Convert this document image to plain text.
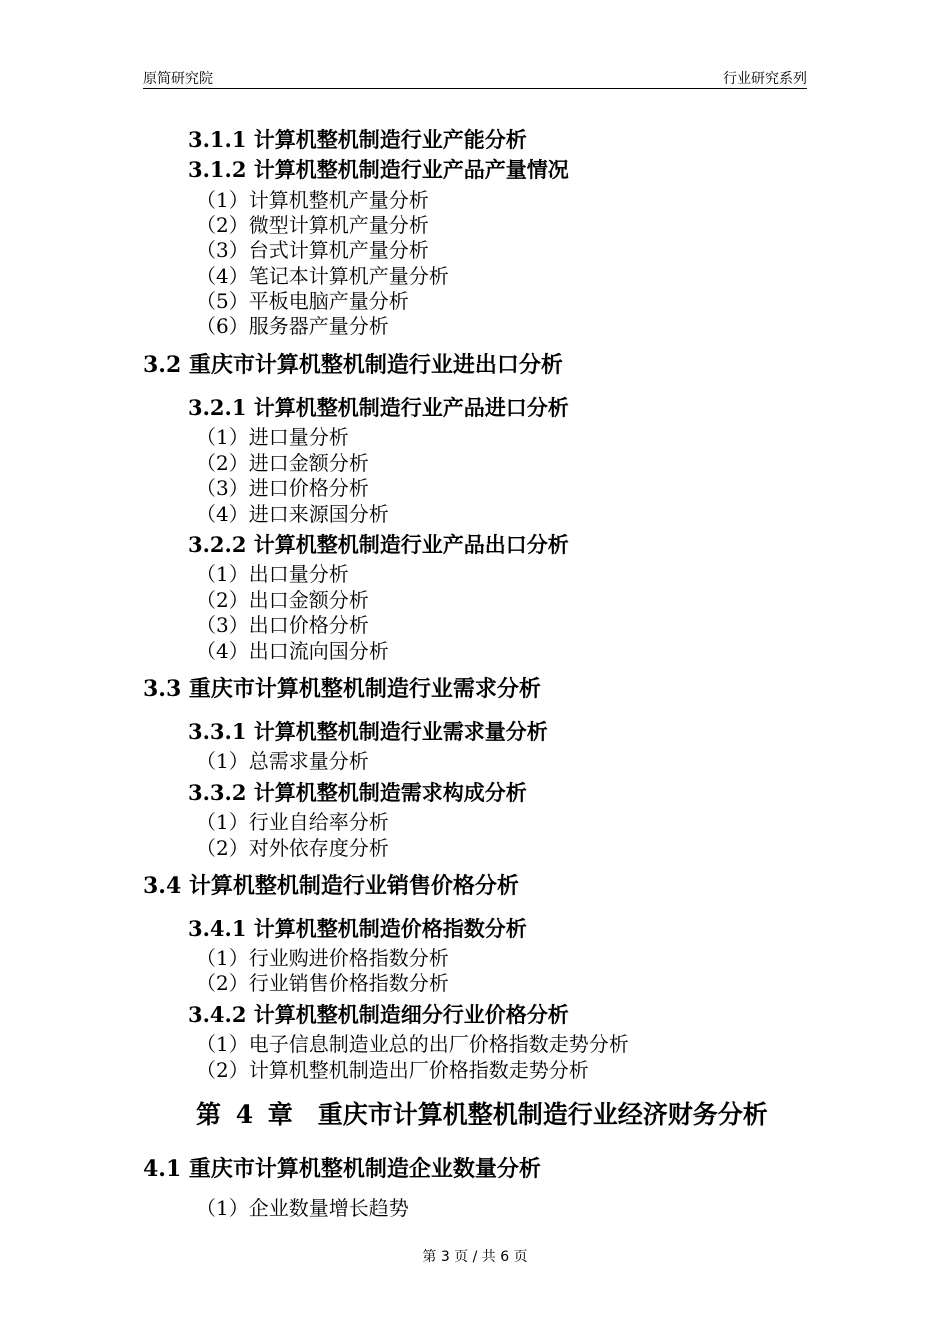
原简研究院	行业研究系列
3.1.1 计算机整机制造行业产能分析
3.1.2 计算机整机制造行业产品产量情况
（1）计算机整机产量分析
（2）微型计算机产量分析
（3）台式计算机产量分析
（4）笔记本计算机产量分析
（5）平板电脑产量分析
（6）服务器产量分析
3.2 重庆市计算机整机制造行业进出口分析
3.2.1 计算机整机制造行业产品进口分析
（1）进口量分析
（2）进口金额分析
（3）进口价格分析
（4）进口来源国分析
3.2.2 计算机整机制造行业产品出口分析
（1）出口量分析
（2）出口金额分析
（3）出口价格分析
（4）出口流向国分析
3.3 重庆市计算机整机制造行业需求分析
3.3.1 计算机整机制造行业需求量分析
（1）总需求量分析
3.3.2 计算机整机制造需求构成分析
（1）行业自给率分析
（2）对外依存度分析
3.4 计算机整机制造行业销售价格分析
3.4.1 计算机整机制造价格指数分析
（1）行业购进价格指数分析
（2）行业销售价格指数分析
3.4.2 计算机整机制造细分行业价格分析
（1）电子信息制造业总的出厂价格指数走势分析
（2）计算机整机制造出厂价格指数走势分析
第 4 章　重庆市计算机整机制造行业经济财务分析
4.1 重庆市计算机整机制造企业数量分析
（1）企业数量增长趋势
第 3 页 / 共 6 页
